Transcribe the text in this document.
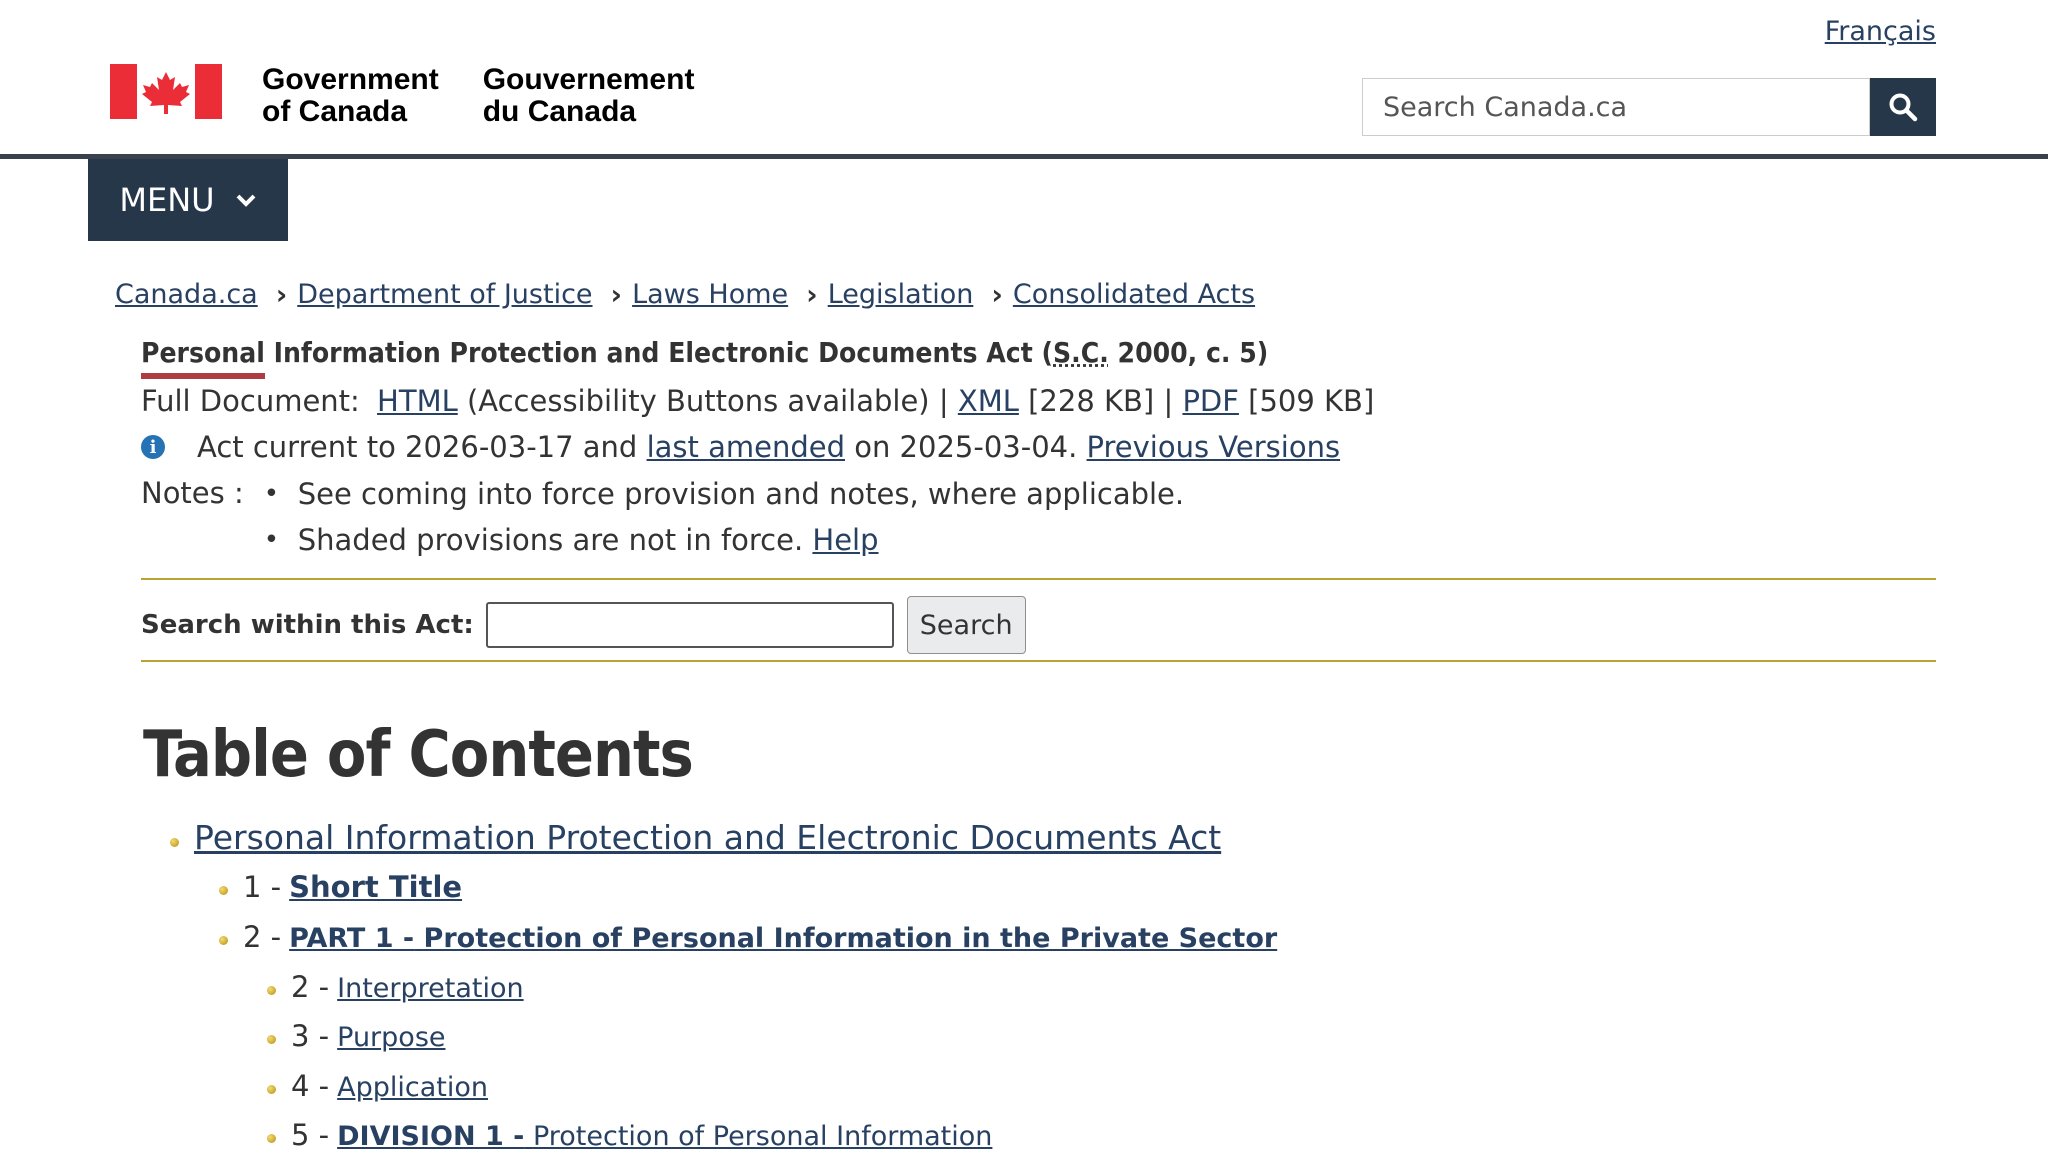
Français
Government
of Canada
Gouvernement
du Canada
Search Canada.ca
MENU
Canada.ca › Department of Justice › Laws Home › Legislation › Consolidated Acts
Personal Information Protection and Electronic Documents Act (S.C. 2000, c. 5)
Full Document: HTML (Accessibility Buttons available) | XML [228 KB] | PDF [509 KB]
i Act current to 2026-03-17 and
last amended
on 2025-03-04.
Previous Versions
Notes :
•	See coming into force provision and notes, where applicable.
• Shaded provisions are not in force. Help
Search within this Act:	Search
Table of Contents
Personal Information Protection and Electronic Documents Act
1 - Short Title
2 - PART 1 - Protection of Personal Information in the Private Sector
2 - Interpretation
3 - Purpose
4 - Application
5 - DIVISION 1 - Protection of Personal Information
